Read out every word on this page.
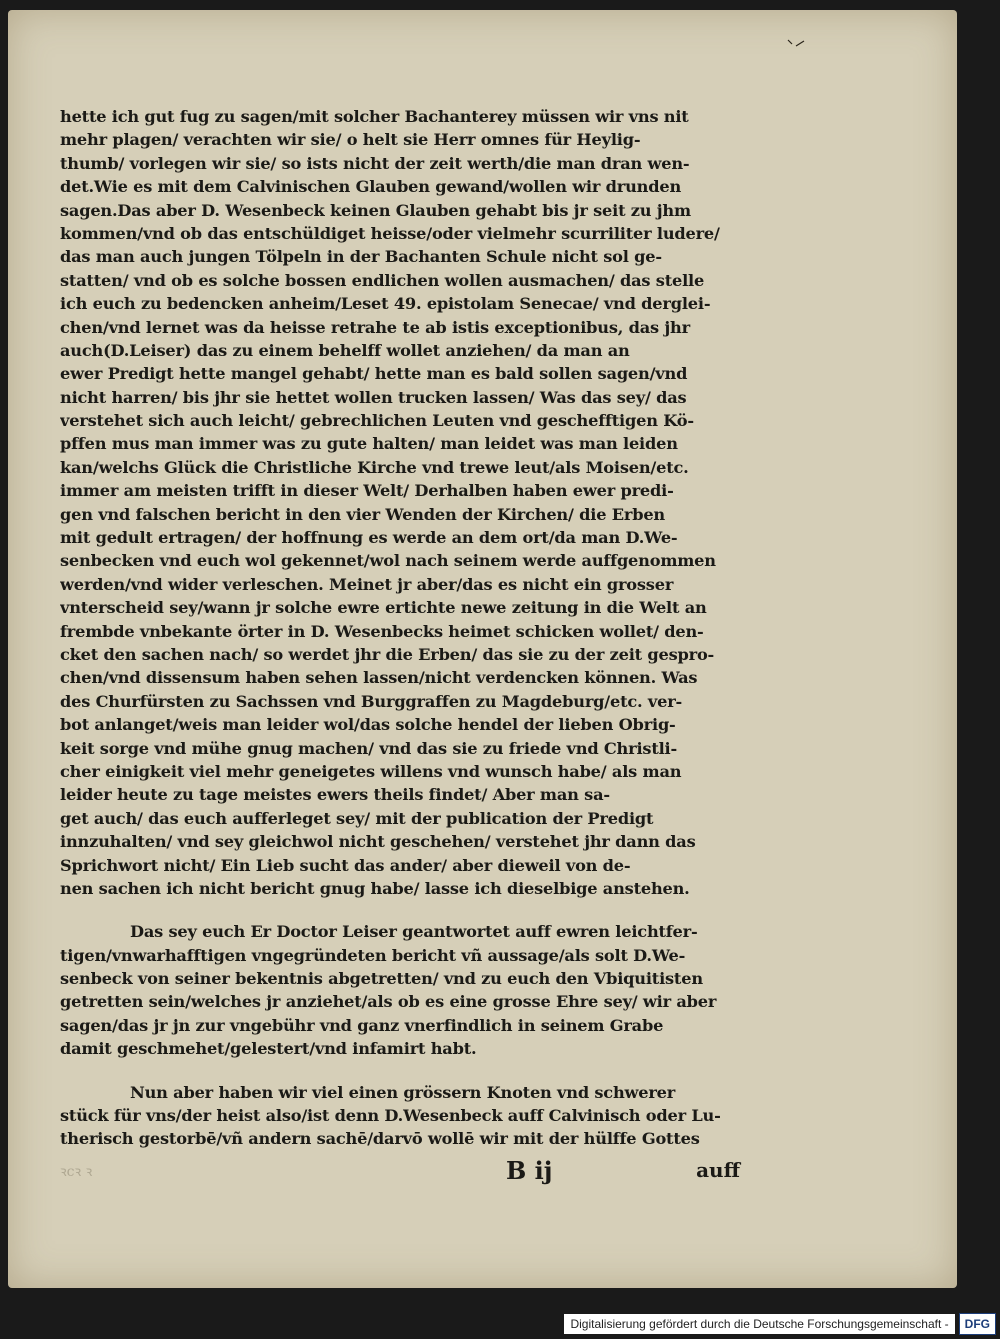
hette ich gut fug zu sagen/mit solcher Bachanterey müssen wir vns nit
mehr plagen/ verachten wir sie/ o helt sie Herr omnes für Heylig-
thumb/ vorlegen wir sie/ so ists nicht der zeit werth/die man dran wen-
det.Wie es mit dem Calvinischen Glauben gewand/wollen wir drunden
sagen.Das aber D. Wesenbeck keinen Glauben gehabt bis jr seit zu jhm
kommen/vnd ob das entschüldiget heisse/oder vielmehr scurriliter ludere/
das man auch jungen Tölpeln in der Bachanten Schule nicht sol ge-
statten/ vnd ob es solche bossen endlichen wollen ausmachen/ das stelle
ich euch zu bedencken anheim/Leset 49. epistolam Senecae/ vnd derglei-
chen/vnd lernet was da heisse retrahe te ab istis exceptionibus, das jhr
auch(D.Leiser) das zu einem behelff wollet anziehen/ da man an
ewer Predigt hette mangel gehabt/ hette man es bald sollen sagen/vnd
nicht harren/ bis jhr sie hettet wollen trucken lassen/ Was das sey/ das
verstehet sich auch leicht/ gebrechlichen Leuten vnd geschefftigen Kö-
pffen mus man immer was zu gute halten/ man leidet was man leiden
kan/welchs Glück die Christliche Kirche vnd trewe leut/als Moisen/etc.
immer am meisten trifft in dieser Welt/ Derhalben haben ewer predi-
gen vnd falschen bericht in den vier Wenden der Kirchen/ die Erben
mit gedult ertragen/ der hoffnung es werde an dem ort/da man D.We-
senbecken vnd euch wol gekennet/wol nach seinem werde auffgenommen
werden/vnd wider verleschen. Meinet jr aber/das es nicht ein grosser
vnterscheid sey/wann jr solche ewre ertichte newe zeitung in die Welt an
frembde vnbekante örter in D. Wesenbecks heimet schicken wollet/ den-
cket den sachen nach/ so werdet jhr die Erben/ das sie zu der zeit gespro-
chen/vnd dissensum haben sehen lassen/nicht verdencken können. Was
des Churfürsten zu Sachssen vnd Burggraffen zu Magdeburg/etc. ver-
bot anlanget/weis man leider wol/das solche hendel der lieben Obrig-
keit sorge vnd mühe gnug machen/ vnd das sie zu friede vnd Christli-
cher einigkeit viel mehr geneigetes willens vnd wunsch habe/ als man
leider heute zu tage meistes ewers theils findet/ Aber man sa-
get auch/ das euch aufferleget sey/ mit der publication der Predigt
innzuhalten/ vnd sey gleichwol nicht geschehen/ verstehet jhr dann das
Sprichwort nicht/ Ein Lieb sucht das ander/ aber dieweil von de-
nen sachen ich nicht bericht gnug habe/ lasse ich dieselbige anstehen.
Das sey euch Er Doctor Leiser geantwortet auff ewren leichtfer-
tigen/vnwarhafftigen vngegründeten bericht vñ aussage/als solt D.We-
senbeck von seiner bekentnis abgetretten/ vnd zu euch den Vbiquitisten
getretten sein/welches jr anziehet/als ob es eine grosse Ehre sey/ wir aber
sagen/das jr jn zur vngebühr vnd ganz vnerfindlich in seinem Grabe
damit geschmehet/gelestert/vnd infamirt habt.
Nun aber haben wir viel einen grössern Knoten vnd schwerer
stück für vns/der heist also/ist denn D.Wesenbeck auff Calvinisch oder Lu-
therisch gestorbē/vñ andern sachē/darvō wollē wir mit der hülffe Gottes
ꝛcꝛ ꝛ	B ij	auff
Digitalisierung gefördert durch die Deutsche Forschungsgemeinschaft -	DFG
